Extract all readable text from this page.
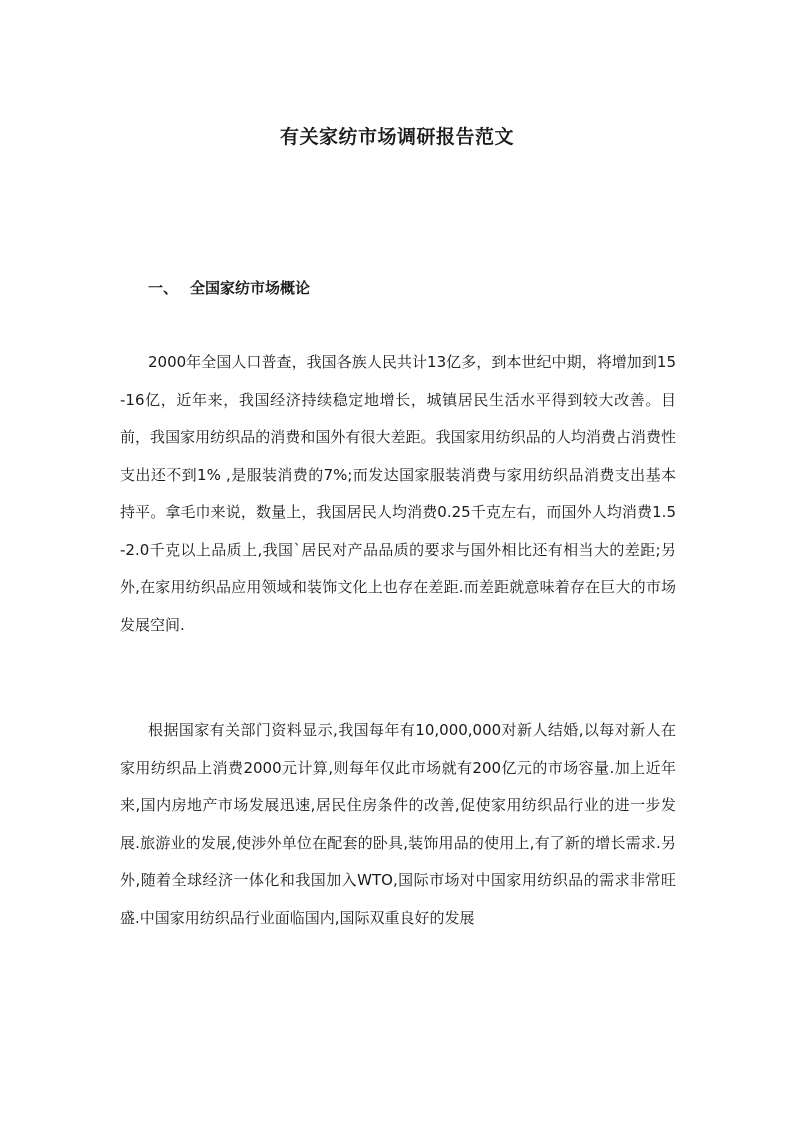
有关家纺市场调研报告范文
一、 全国家纺市场概论

2000年全国人口普查，我国各族人民共计13亿多，到本世纪中期，将增加到15-16亿，近年来，我国经济持续稳定地增长，城镇居民生活水平得到较大改善。目前，我国家用纺织品的消费和国外有很大差距。我国家用纺织品的人均消费占消费性支出还不到1% ,是服装消费的7%;而发达国家服装消费与家用纺织品消费支出基本持平。拿毛巾来说，数量上，我国居民人均消费0.25千克左右，而国外人均消费1.5-2.0千克以上品质上,我国`居民对产品品质的要求与国外相比还有相当大的差距;另外,在家用纺织品应用领域和装饰文化上也存在差距.而差距就意味着存在巨大的市场发展空间.

根据国家有关部门资料显示,我国每年有10,000,000对新人结婚,以每对新人在家用纺织品上消费2000元计算,则每年仅此市场就有200亿元的市场容量.加上近年来,国内房地产市场发展迅速,居民住房条件的改善,促使家用纺织品行业的进一步发展.旅游业的发展,使涉外单位在配套的卧具,装饰用品的使用上,有了新的增长需求.另外,随着全球经济一体化和我国加入WTO,国际市场对中国家用纺织品的需求非常旺盛.中国家用纺织品行业面临国内,国际双重良好的发展
